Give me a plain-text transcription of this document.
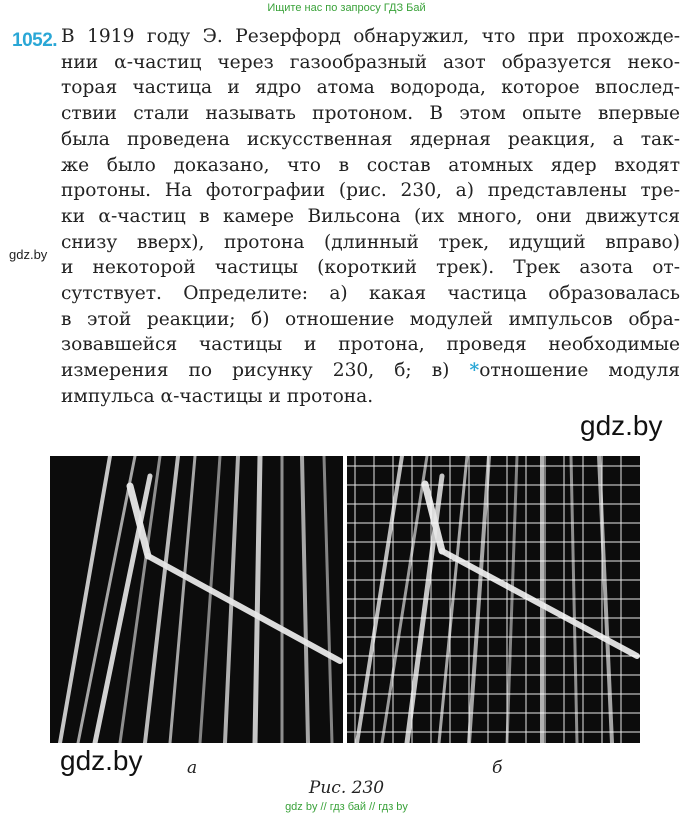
Ищите нас по запросу ГДЗ Бай
1052. В 1919 году Э. Резерфорд обнаружил, что при прохожде-
нии α-частиц через газообразный азот образуется неко-
торая частица и ядро атома водорода, которое впослед-
ствии стали называть протоном. В этом опыте впервые
была проведена искусственная ядерная реакция, а так-
же было доказано, что в состав атомных ядер входят
протоны. На фотографии (рис. 230, а) представлены тре-
ки α-частиц в камере Вильсона (их много, они движутся
снизу вверх), протона (длинный трек, идущий вправо)
и некоторой частицы (короткий трек). Трек азота от-
сутствует. Определите: а) какая частица образовалась
в этой реакции; б) отношение модулей импульсов обра-
зовавшейся частицы и протона, проведя необходимые
измерения по рисунку 230, б; в) *отношение модуля
импульса α-частицы и протона.
gdz.by
gdz.by
gdz.by	а	б
Рис. 230
gdz by // гдз бай // гдз by
